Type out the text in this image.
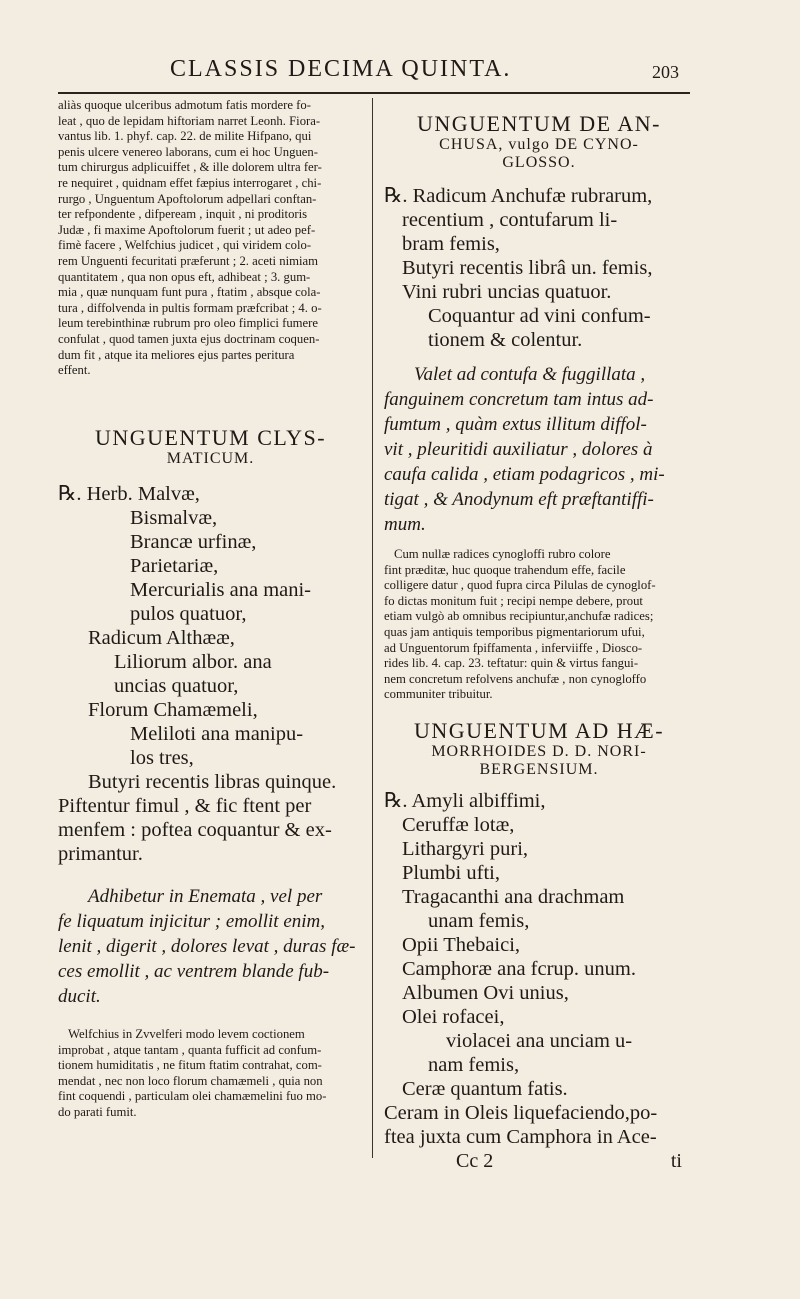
CLASSIS DECIMA QUINTA.	203

aliàs quoque ulceribus admotum fatis mordere fo-

leat , quo de lepidam hiftoriam narret Leonh. Fiora-

vantus lib. 1. phyf. cap. 22. de milite Hifpano, qui

penis ulcere venereo laborans, cum ei hoc Unguen-

tum chirurgus adplicuiffet , & ille dolorem ultra fer-

re nequiret , quidnam effet fæpius interrogaret , chi-

rurgo , Unguentum Apoftolorum adpellari conftan-

ter refpondente , difpeream , inquit , ni proditoris

Judæ , fi maxime Apoftolorum fuerit ; ut adeo pef-

fimè facere , Welfchius judicet , qui viridem colo-

rem Unguenti fecuritati præferunt ; 2. aceti nimiam

quantitatem , qua non opus eft, adhibeat ; 3. gum-

mia , quæ nunquam funt pura , ftatim , absque cola-

tura , diffolvenda in pultis formam præfcribat ; 4. o-

leum terebinthinæ rubrum pro oleo fimplici fumere

confulat , quod tamen juxta ejus doctrinam coquen-

dum fit , atque ita meliores ejus partes peritura

effent.

UNGUENTUM CLYS-

MATICUM.

℞. Herb. Malvæ,

Bismalvæ,

Brancæ urfinæ,

Parietariæ,

Mercurialis ana mani-

pulos quatuor,

Radicum Althææ,

Liliorum albor. ana

uncias quatuor,

Florum Chamæmeli,

Meliloti ana manipu-

los tres,

Butyri recentis libras quinque.

Piftentur fimul , & fic ftent per

menfem : poftea coquantur & ex-

primantur.

Adhibetur in Enemata , vel per

fe liquatum injicitur ; emollit enim,

lenit , digerit , dolores levat , duras fæ-

ces emollit , ac ventrem blande fub-

ducit.

Welfchius in Zvvelferi modo levem coctionem

improbat , atque tantam , quanta fufficit ad confum-

tionem humiditatis , ne fitum ftatim contrahat, com-

mendat , nec non loco florum chamæmeli , quia non

fint coquendi , particulam olei chamæmelini fuo mo-

do parati fumit.

UNGUENTUM DE AN-

CHUSA, vulgo DE CYNO-

GLOSSO.

℞. Radicum Anchufæ rubrarum,

recentium , contufarum li-

bram femis,

Butyri recentis librâ un. femis,

Vini rubri uncias quatuor.

Coquantur ad vini confum-

tionem & colentur.

Valet ad contufa & fuggillata ,

fanguinem concretum tam intus ad-

fumtum , quàm extus illitum diffol-

vit , pleuritidi auxiliatur , dolores à

caufa calida , etiam podagricos , mi-

tigat , & Anodynum eft præftantiffi-

mum.

Cum nullæ radices cynogloffi rubro colore

fint præditæ, huc quoque trahendum effe, facile

colligere datur , quod fupra circa Pilulas de cynoglof-

fo dictas monitum fuit ; recipi nempe debere, prout

etiam vulgò ab omnibus recipiuntur,anchufæ radices;

quas jam antiquis temporibus pigmentariorum ufui,

ad Unguentorum fpiffamenta , inferviiffe , Diosco-

rides lib. 4. cap. 23. teftatur: quin & virtus fangui-

nem concretum refolvens anchufæ , non cynogloffo

communiter tribuitur.

UNGUENTUM AD HÆ-

MORRHOIDES D. D. NORI-

BERGENSIUM.

℞. Amyli albiffimi,

Ceruffæ lotæ,

Lithargyri puri,

Plumbi ufti,

Tragacanthi ana drachmam

unam femis,

Opii Thebaici,

Camphoræ ana fcrup. unum.

Albumen Ovi unius,

Olei rofacei,

violacei ana unciam u-

nam femis,

Ceræ quantum fatis.

Ceram in Oleis liquefaciendo,po-

ftea juxta cum Camphora in Ace-

Cc 2	ti
